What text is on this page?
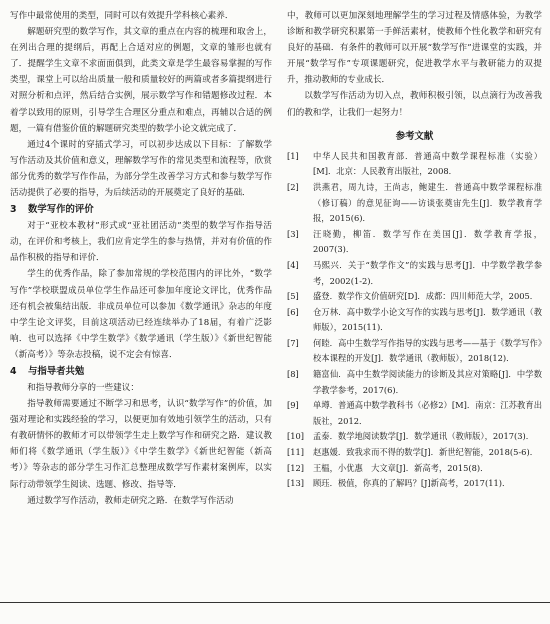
写作中最常使用的类型，同时可以有效提升学科核心素养．

解题研究型的数学写作，其文章的重点在内容的梳理和取舍上，在列出合理的提纲后，再配上合适对应的例题，文章的雏形也就有了．提醒学生文章不求面面俱到，此类文章是学生最容易掌握的写作类型，课堂上可以给出质量一般和质量较好的两篇或者多篇提纲进行对照分析和点评，然后结合实例，展示数学写作和错题修改过程．本着学以致用的原则，引导学生合理区分重点和难点，再辅以合适的例题，一篇有借鉴价值的解题研究类型的数学小论文就完成了．

通过4个课时的穿插式学习，可以初步达成以下目标：了解数学写作活动及其价值和意义，理解数学写作的常见类型和流程等，欣赏部分优秀的数学写作作品，为部分学生改善学习方式和参与数学写作活动提供了必要的指导，为后续活动的开展奠定了良好的基础．

3 数学写作的评价

对于“亚校本教材”形式或“亚社团活动”类型的数学写作指导活动，在评价和考核上，我们应肯定学生的参与热情，并对有价值的作品作积极的指导和评价．

学生的优秀作品，除了参加常规的学校范围内的评比外，“数学写作”学校联盟成员单位学生作品还可参加年度论文评比，优秀作品还有机会被集结出版．非成员单位可以参加《数学通讯》杂志的年度中学生论文评奖，目前这项活动已经连续举办了18届，有着广泛影响．也可以选择《中学生数学》《数学通讯（学生版）》《新世纪智能（新高考）》等杂志投稿，说不定会有惊喜．

4 与指导者共勉

和指导教师分享的一些建议：

指导教师需要通过不断学习和思考，认识“数学写作”的价值，加强对理论和实践经验的学习，以便更加有效地引领学生的活动，只有有教研情怀的教师才可以带领学生走上数学写作和研究之路．建议教师们将《数学通讯（学生版）》《中学生数学》《新世纪智能（新高考）》等杂志的部分学生习作汇总整理成数学写作素材案例库，以实际行动带领学生阅读、选题、修改、指导等．

通过数学写作活动，教师走研究之路．在数学写作活动

中，教师可以更加深刻地理解学生的学习过程及情感体验，为教学诊断和教学研究积累第一手鲜活素材，使教师个性化教学和研究有良好的基础．有条件的教师可以开展“数学写作”进课堂的实践，并开展“数学写作”专项课题研究，促进教学水平与教研能力的双提升，推动教师的专业成长．

以数学写作活动为切入点，教师积极引领，以点滴行为改善我们的教和学，让我们一起努力！

参考文献
[1]	中华人民共和国教育部．普通高中数学课程标准（实验）[M]．北京：人民教育出版社，2008．
[2]	洪燕君，周九诗，王尚志，鲍建生．普通高中数学课程标准（修订稿）的意见征询——访谈张奠宙先生[J]．数学教育学报，2015(6)．
[3]	汪晓勤，柳笛．数学写作在美国[J]．数学教育学报，2007(3)．
[4]	马熙兴．关于“数学作文”的实践与思考[J]．中学数学教学参考，2002(1-2)．
[5]	盛登．数学作文价值研究[D]．成都：四川师范大学，2005．
[6]	仓万林．高中数学小论文写作的实践与思考[J]．数学通讯（教师版），2015(11)．
[7]	何睦．高中生数学写作指导的实践与思考——基于《数学写作》校本课程的开发[J]．数学通讯（教师版），2018(12)．
[8]	籍富仙．高中生数学阅读能力的诊断及其应对策略[J]．中学数学教学参考，2017(6)．
[9]	单墫．普通高中数学教科书（必修2）[M]．南京：江苏教育出版社，2012．
[10]	孟泰．数学地阅读数学[J]．数学通讯（教师版），2017(3)．
[11]	赵惠媛．致我求而不得的数学[J]．新世纪智能，2018(5-6)．
[12]	王榅，小优惠　大文章[J]．新高考，2015(8)．
[13]	顾珏．极值，你真的了解吗？[J]新高考，2017(11)．
